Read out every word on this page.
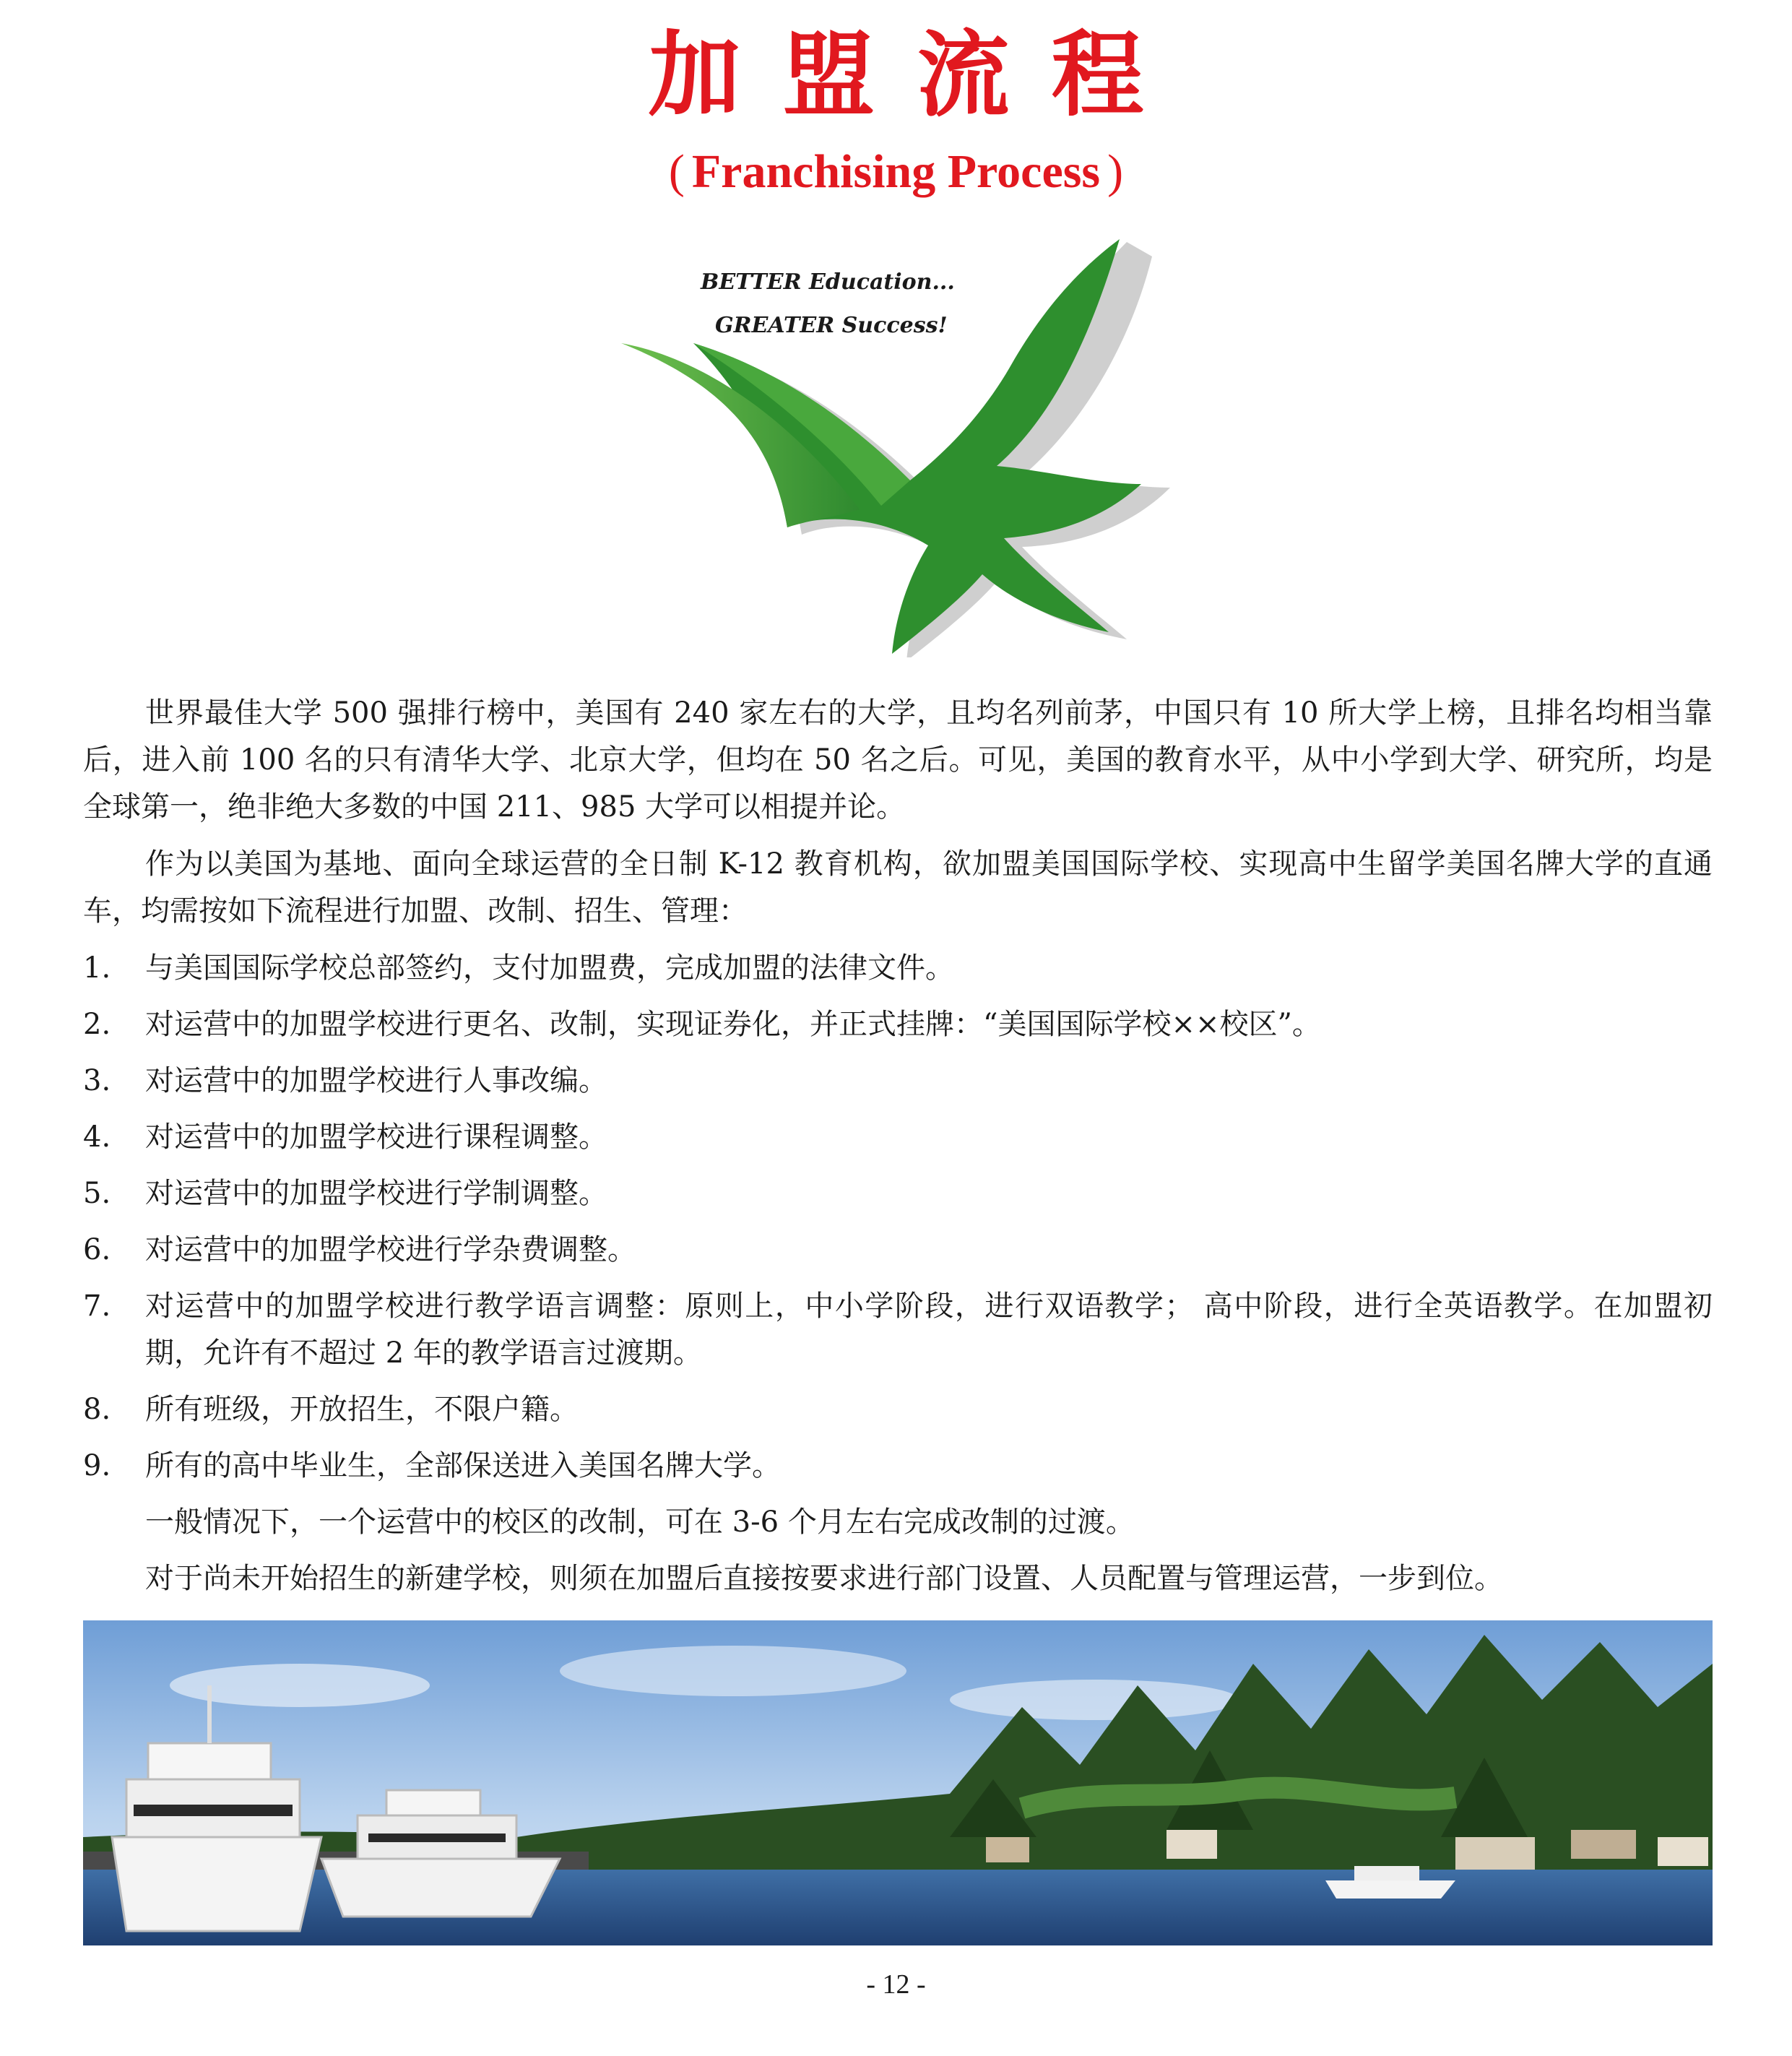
加盟流程
( Franchising Process )
BETTER Education...
GREATER Success!

世界最佳大学 500 强排行榜中，美国有 240 家左右的大学，且均名列前茅，中国只有 10 所大学上榜，且排名均相当靠后，进入前 100 名的只有清华大学、北京大学，但均在 50 名之后。可见，美国的教育水平，从中小学到大学、研究所，均是全球第一，绝非绝大多数的中国 211、985 大学可以相提并论。

作为以美国为基地、面向全球运营的全日制 K-12 教育机构，欲加盟美国国际学校、实现高中生留学美国名牌大学的直通车，均需按如下流程进行加盟、改制、招生、管理：

1. 与美国国际学校总部签约，支付加盟费，完成加盟的法律文件。
2. 对运营中的加盟学校进行更名、改制，实现证券化，并正式挂牌：“美国国际学校××校区”。
3. 对运营中的加盟学校进行人事改编。
4. 对运营中的加盟学校进行课程调整。
5. 对运营中的加盟学校进行学制调整。
6. 对运营中的加盟学校进行学杂费调整。
7. 对运营中的加盟学校进行教学语言调整：原则上，中小学阶段，进行双语教学； 高中阶段，进行全英语教学。在加盟初期，允许有不超过 2 年的教学语言过渡期。
8. 所有班级，开放招生，不限户籍。
9. 所有的高中毕业生，全部保送进入美国名牌大学。

一般情况下，一个运营中的校区的改制，可在 3-6 个月左右完成改制的过渡。

对于尚未开始招生的新建学校，则须在加盟后直接按要求进行部门设置、人员配置与管理运营，一步到位。

- 12 -
